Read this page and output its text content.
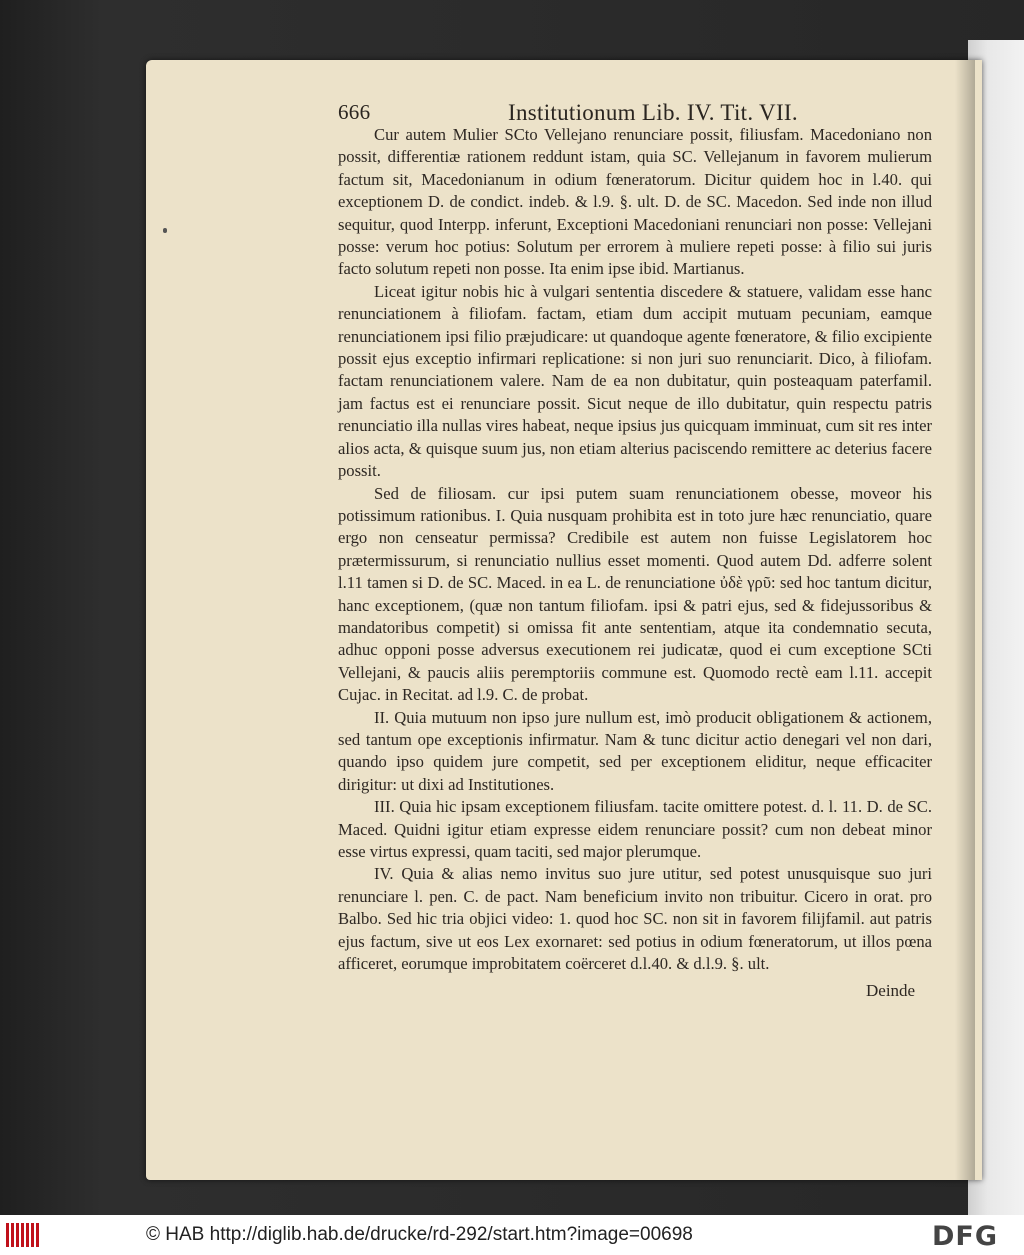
666	Institutionum Lib. IV. Tit. VII.

Cur autem Mulier SCto Vellejano renunciare possit, filiusfam. Macedoniano non possit, differentiæ rationem reddunt istam, quia SC. Vellejanum in favorem mulierum factum sit, Macedonianum in odium fœneratorum. Dicitur quidem hoc in l.40. qui exceptionem D. de condict. indeb. & l.9. §. ult. D. de SC. Macedon. Sed inde non illud sequitur, quod Interpp. inferunt, Exceptioni Macedoniani renunciari non posse: Vellejani posse: verum hoc potius: Solutum per errorem à muliere repeti posse: à filio sui juris facto solutum repeti non posse. Ita enim ipse ibid. Martianus.

Liceat igitur nobis hic à vulgari sententia discedere & statuere, validam esse hanc renunciationem à filiofam. factam, etiam dum accipit mutuam pecuniam, eamque renunciationem ipsi filio præjudicare: ut quandoque agente fœneratore, & filio excipiente possit ejus exceptio infirmari replicatione: si non juri suo renunciarit. Dico, à filiofam. factam renunciationem valere. Nam de ea non dubitatur, quin posteaquam paterfamil. jam factus est ei renunciare possit. Sicut neque de illo dubitatur, quin respectu patris renunciatio illa nullas vires habeat, neque ipsius jus quicquam imminuat, cum sit res inter alios acta, & quisque suum jus, non etiam alterius paciscendo remittere ac deterius facere possit.

Sed de filiosam. cur ipsi putem suam renunciationem obesse, moveor his potissimum rationibus. I. Quia nusquam prohibita est in toto jure hæc renunciatio, quare ergo non censeatur permissa? Credibile est autem non fuisse Legislatorem hoc prætermissurum, si renunciatio nullius esset momenti. Quod autem Dd. adferre solent l.11 tamen si D. de SC. Maced. in ea L. de renunciatione ὐδὲ γρῦ: sed hoc tantum dicitur, hanc exceptionem, (quæ non tantum filiofam. ipsi & patri ejus, sed & fidejussoribus & mandatoribus competit) si omissa fit ante sententiam, atque ita condemnatio secuta, adhuc opponi posse adversus executionem rei judicatæ, quod ei cum exceptione SCti Vellejani, & paucis aliis peremptoriis commune est. Quomodo rectè eam l.11. accepit Cujac. in Recitat. ad l.9. C. de probat.

II. Quia mutuum non ipso jure nullum est, imò producit obligationem & actionem, sed tantum ope exceptionis infirmatur. Nam & tunc dicitur actio denegari vel non dari, quando ipso quidem jure competit, sed per exceptionem eliditur, neque efficaciter dirigitur: ut dixi ad Institutiones.

III. Quia hic ipsam exceptionem filiusfam. tacite omittere potest. d. l. 11. D. de SC. Maced. Quidni igitur etiam expresse eidem renunciare possit? cum non debeat minor esse virtus expressi, quam taciti, sed major plerumque.

IV. Quia & alias nemo invitus suo jure utitur, sed potest unusquisque suo juri renunciare l. pen. C. de pact. Nam beneficium invito non tribuitur. Cicero in orat. pro Balbo. Sed hic tria objici video: 1. quod hoc SC. non sit in favorem filijfamil. aut patris ejus factum, sive ut eos Lex exornaret: sed potius in odium fœneratorum, ut illos pœna afficeret, eorumque improbitatem coërceret d.l.40. & d.l.9. §. ult.

Deinde
© HAB http://diglib.hab.de/drucke/rd-292/start.htm?image=00698	DFG
